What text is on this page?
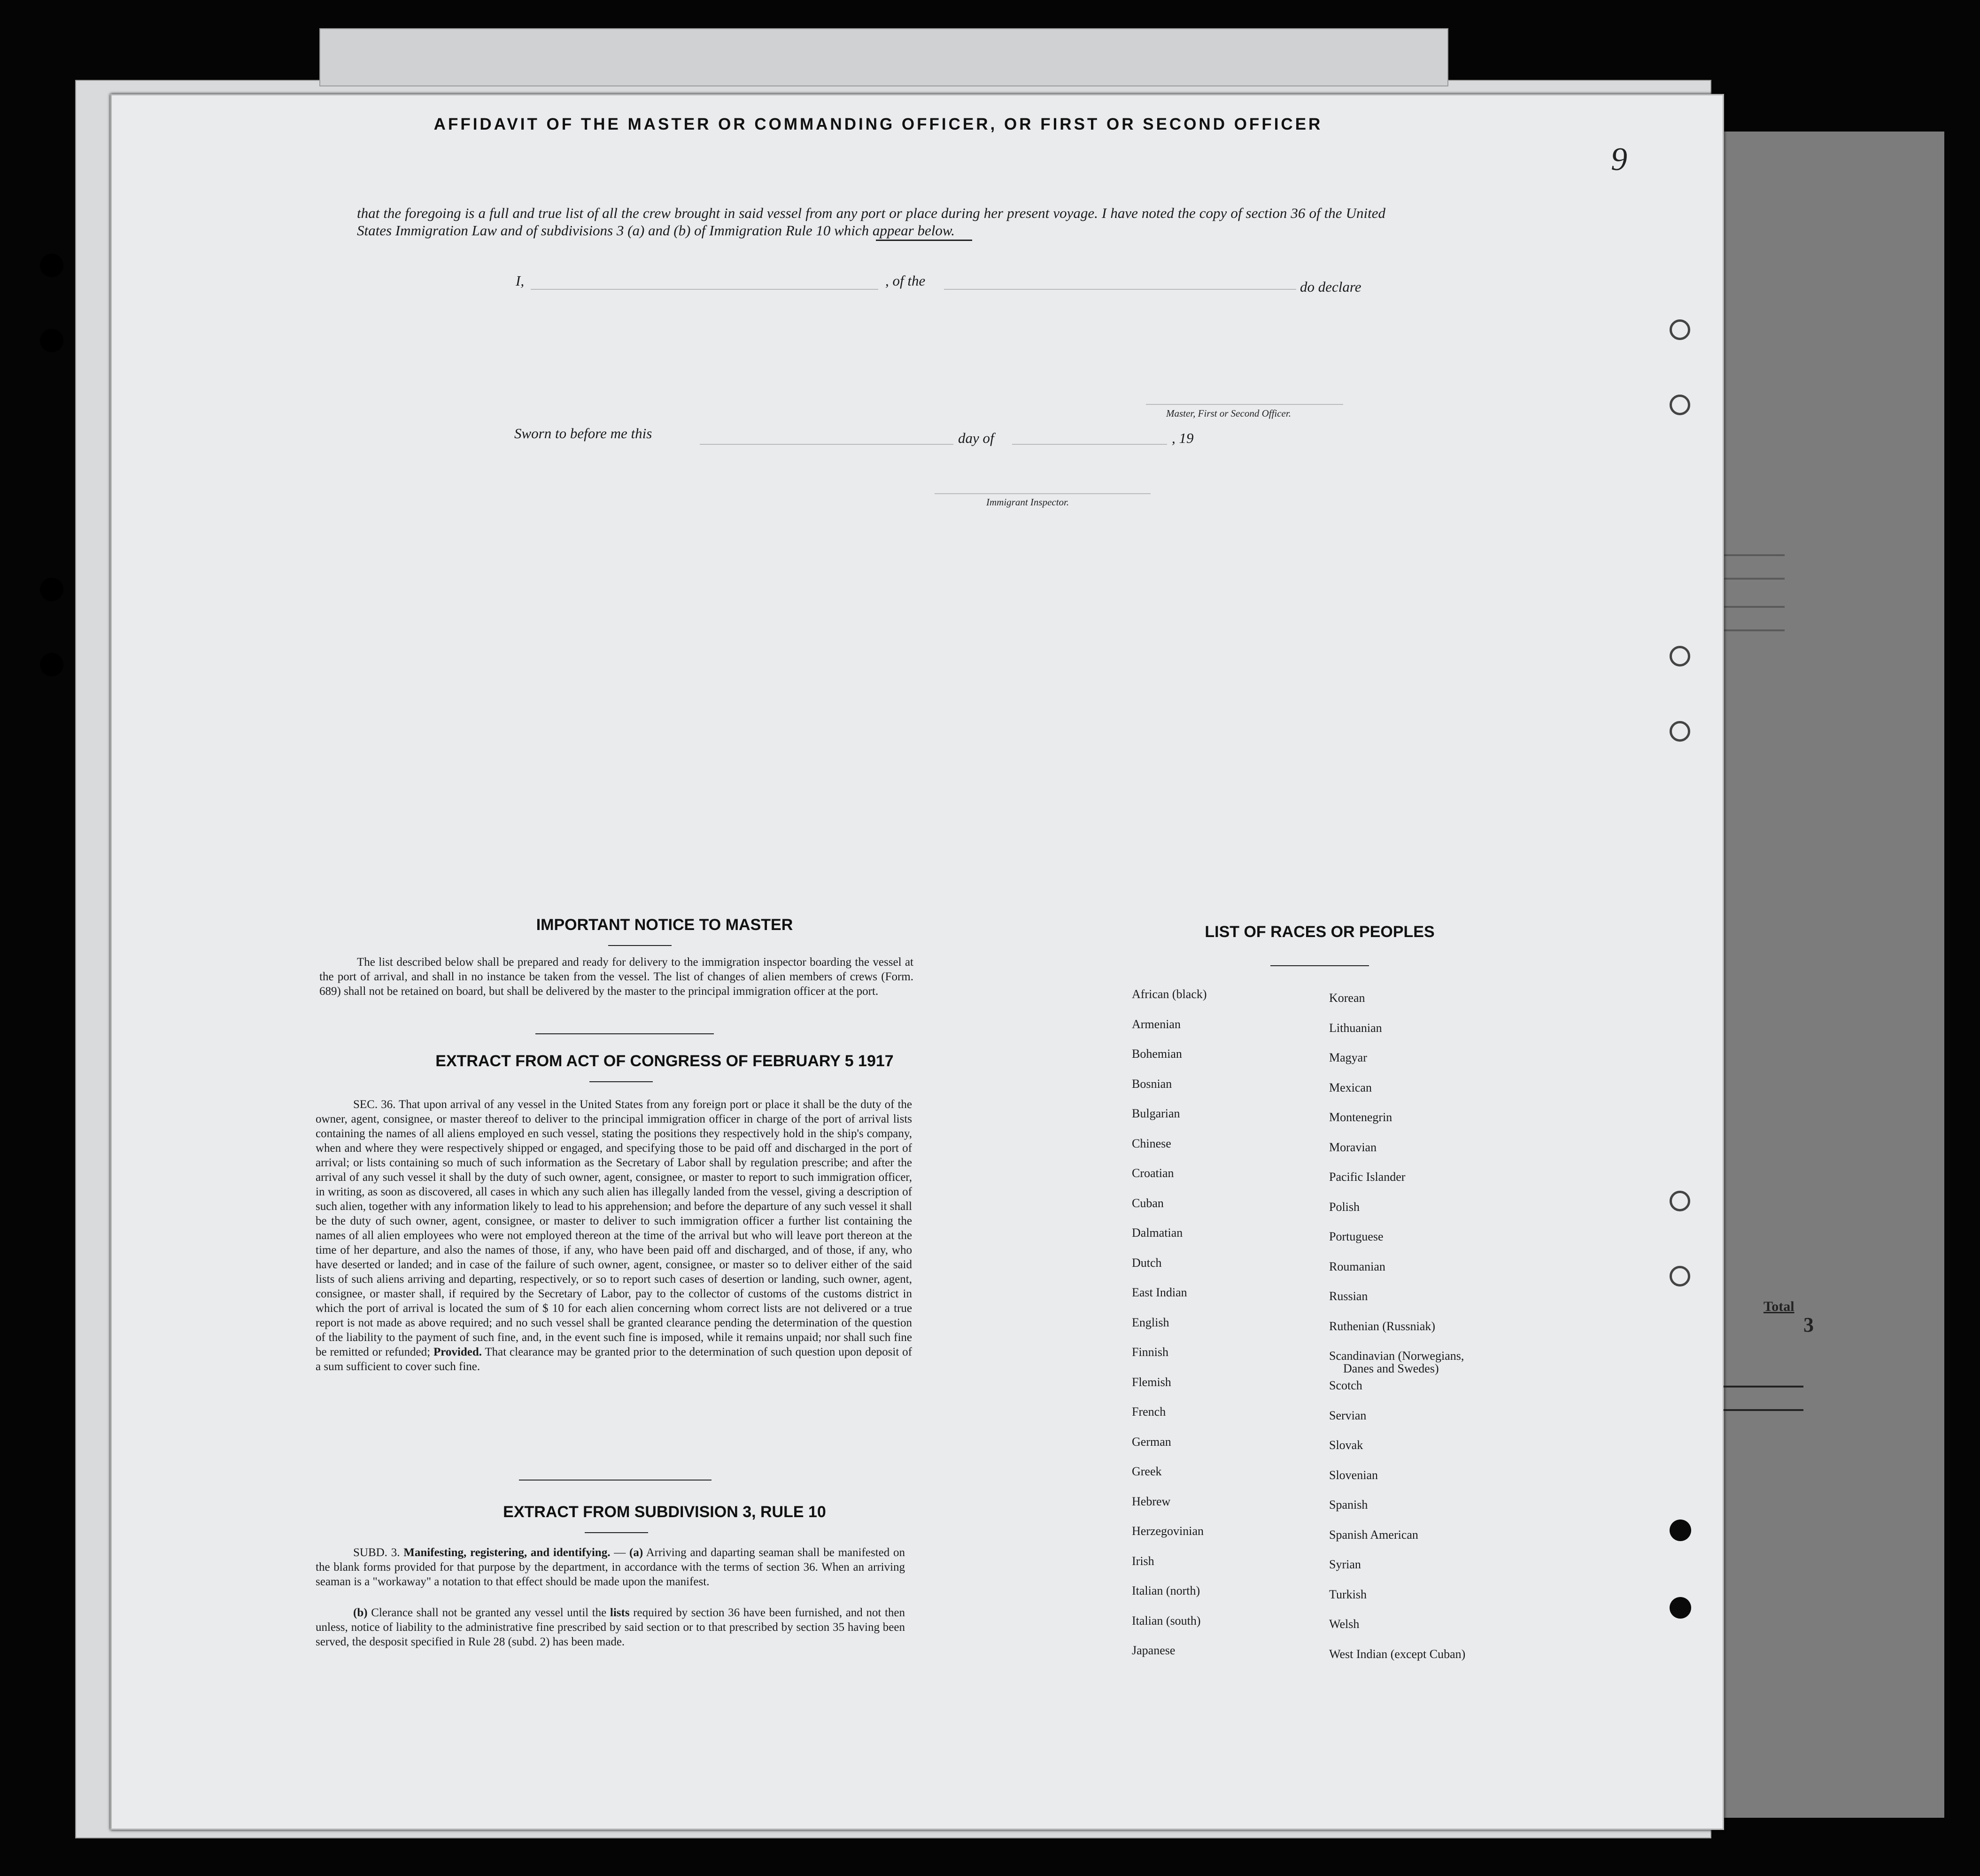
AFFIDAVIT OF THE MASTER OR COMMANDING OFFICER, OR FIRST OR SECOND OFFICER
I,	, of the	do declare
that the foregoing is a full and true list of all the crew brought in said vessel from any port or place during her present voyage. I have noted the copy of section 36 of the United States Immigration Law and of subdivisions 3 (a) and (b) of Immigration Rule 10 which appear below.
Master, First or Second Officer.
Sworn to before me this	day of	, 19
Immigrant Inspector.
IMPORTANT NOTICE TO MASTER
The list described below shall be prepared and ready for delivery to the immigration inspector boarding the vessel at the port of arrival, and shall in no instance be taken from the vessel. The list of changes of alien members of crews (Form. 689) shall not be retained on board, but shall be delivered by the master to the principal immigration officer at the port.
EXTRACT FROM ACT OF CONGRESS OF FEBRUARY 5 1917
SEC. 36. That upon arrival of any vessel in the United States from any foreign port or place it shall be the duty of the owner, agent, consignee, or master thereof to deliver to the principal immigration officer in charge of the port of arrival lists containing the names of all aliens employed en such vessel, stating the positions they respectively hold in the ship's company, when and where they were respectively shipped or engaged, and specifying those to be paid off and discharged in the port of arrival; or lists containing so much of such information as the Secretary of Labor shall by regulation prescribe; and after the arrival of any such vessel it shall by the duty of such owner, agent, consignee, or master to report to such immigration officer, in writing, as soon as discovered, all cases in which any such alien has illegally landed from the vessel, giving a description of such alien, together with any information likely to lead to his apprehension; and before the departure of any such vessel it shall be the duty of such owner, agent, consignee, or master to deliver to such immigration officer a further list containing the names of all alien employees who were not employed thereon at the time of the arrival but who will leave port thereon at the time of her departure, and also the names of those, if any, who have been paid off and discharged, and of those, if any, who have deserted or landed; and in case of the failure of such owner, agent, consignee, or master so to deliver either of the said lists of such aliens arriving and departing, respectively, or so to report such cases of desertion or landing, such owner, agent, consignee, or master shall, if required by the Secretary of Labor, pay to the collector of customs of the customs district in which the port of arrival is located the sum of $ 10 for each alien concerning whom correct lists are not delivered or a true report is not made as above required; and no such vessel shall be granted clearance pending the determination of the question of the liability to the payment of such fine, and, in the event such fine is imposed, while it remains unpaid; nor shall such fine be remitted or refunded; Provided. That clearance may be granted prior to the determination of such question upon deposit of a sum sufficient to cover such fine.
EXTRACT FROM SUBDIVISION 3, RULE 10
SUBD. 3. Manifesting, registering, and identifying. — (a) Arriving and daparting seaman shall be manifested on the blank forms provided for that purpose by the department, in accordance with the terms of section 36. When an arriving seaman is a "workaway" a notation to that effect should be made upon the manifest.
(b) Clerance shall not be granted any vessel until the lists required by section 36 have been furnished, and not then unless, notice of liability to the administrative fine prescribed by said section or to that prescribed by section 35 having been served, the desposit specified in Rule 28 (subd. 2) has been made.
LIST OF RACES OR PEOPLES
African (black)
Armenian
Bohemian
Bosnian
Bulgarian
Chinese
Croatian
Cuban
Dalmatian
Dutch
East Indian
English
Finnish
Flemish
French
German
Greek
Hebrew
Herzegovinian
Irish
Italian (north)
Italian (south)
Japanese
Korean
Lithuanian
Magyar
Mexican
Montenegrin
Moravian
Pacific Islander
Polish
Portuguese
Roumanian
Russian
Ruthenian (Russniak)
Scandinavian (Norwegians,
Danes and Swedes)
Scotch
Servian
Slovak
Slovenian
Spanish
Spanish American
Syrian
Turkish
Welsh
West Indian (except Cuban)
9
Total
3
